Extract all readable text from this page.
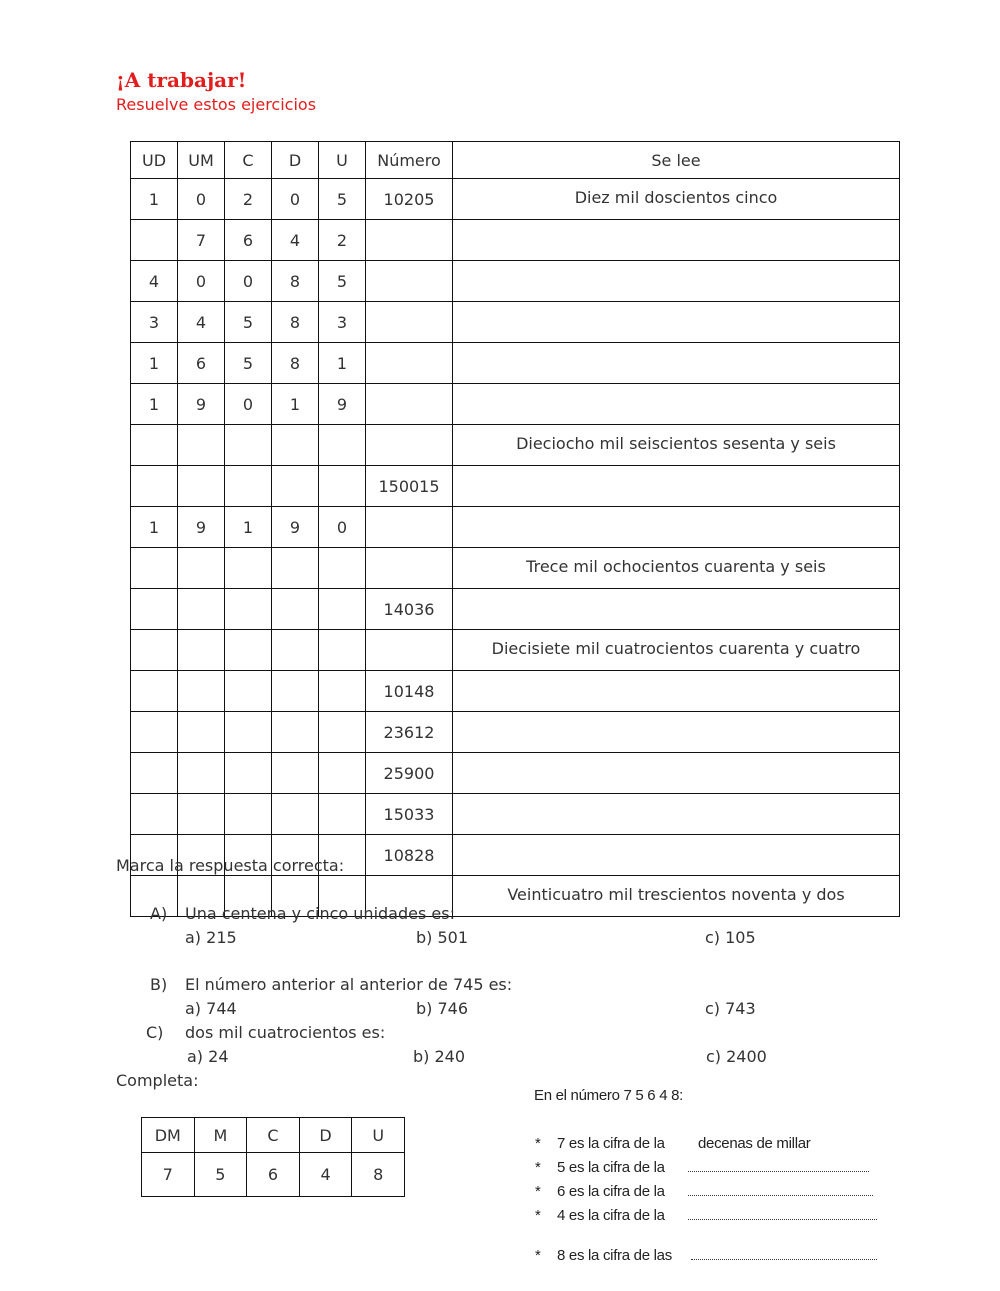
¡A trabajar!
Resuelve estos ejercicios
UD	UM	C	D	U	Número	Se lee
1	0	2	0	5	10205	Diez mil doscientos cinco
	7	6	4	2		
4	0	0	8	5		
3	4	5	8	3		
1	6	5	8	1		
1	9	0	1	9		
						Dieciocho mil seiscientos sesenta y seis
					150015	
1	9	1	9	0		
						Trece mil ochocientos cuarenta y seis
					14036	
						Diecisiete mil cuatrocientos cuarenta y cuatro
					10148	
					23612	
					25900	
					15033	
					10828	
						Veinticuatro mil trescientos noventa y dos
Marca la respuesta correcta:
A) Una centena y cinco unidades es:
a) 215	b) 501	c) 105
B) El número anterior al anterior de 745 es:
a) 744	b) 746	c) 743
C) dos mil cuatrocientos es:
a) 24	b) 240	c) 2400
Completa:
DM	M	C	D	U
7	5	6	4	8
En el número 7 5 6 4 8:
* 7 es la cifra de la decenas de millar
* 5 es la cifra de la
* 6 es la cifra de la
* 4 es la cifra de la
* 8 es la cifra de las
